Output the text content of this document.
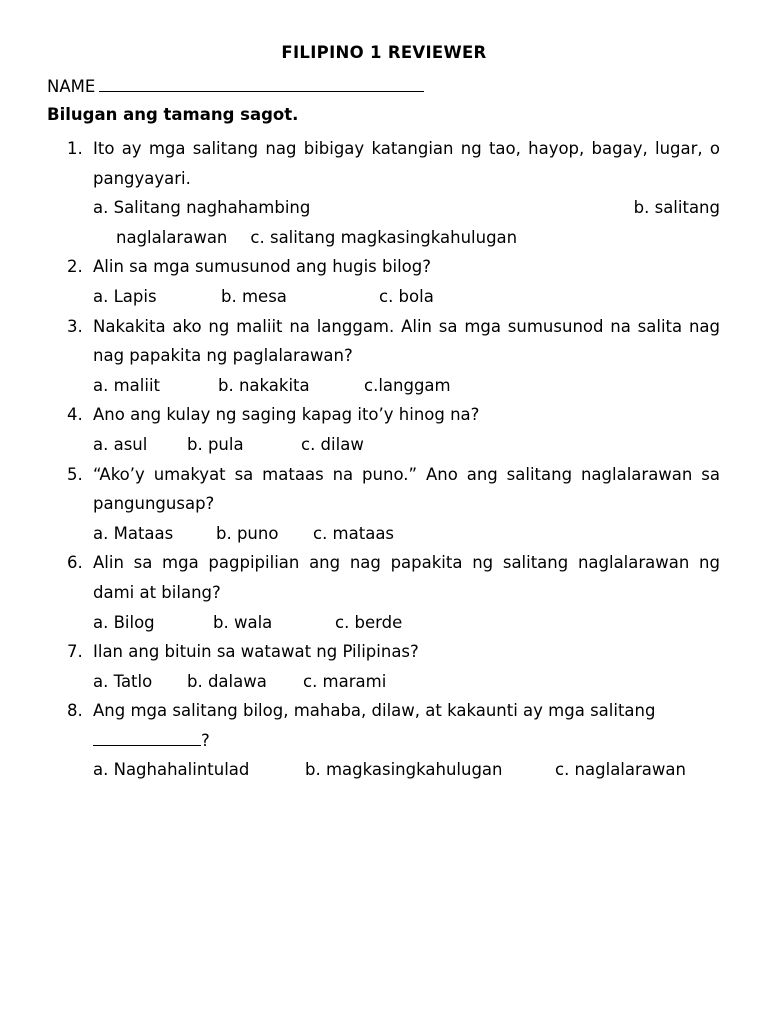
FILIPINO 1 REVIEWER
NAME
Bilugan ang tamang sagot.
1. Ito ay mga salitang nag bibigay katangian ng tao, hayop, bagay, lugar, o pangyayari.
a. Salitang naghahambing	b. salitang
naglalarawan c. salitang magkasingkahulugan
2. Alin sa mga sumusunod ang hugis bilog?
a. Lapis	b. mesa	c. bola
3. Nakakita ako ng maliit na langgam. Alin sa mga sumusunod na salita nag nag papakita ng paglalarawan?
a. maliit	b. nakakita	c.langgam
4. Ano ang kulay ng saging kapag ito’y hinog na?
a. asul b. pula	c. dilaw
5. “Ako’y umakyat sa mataas na puno.” Ano ang salitang naglalarawan sa pangungusap?
a. Mataas	b. puno c. mataas
6. Alin sa mga pagpipilian ang nag papakita ng salitang naglalarawan ng dami at bilang?
a. Bilog	b. wala	c. berde
7. Ilan ang bituin sa watawat ng Pilipinas?
a. Tatlo b. dalawa c. marami
8. Ang mga salitang bilog, mahaba, dilaw, at kakaunti ay mga salitang
?
a. Naghahalintulad	b. magkasingkahulugan	c. naglalarawan
